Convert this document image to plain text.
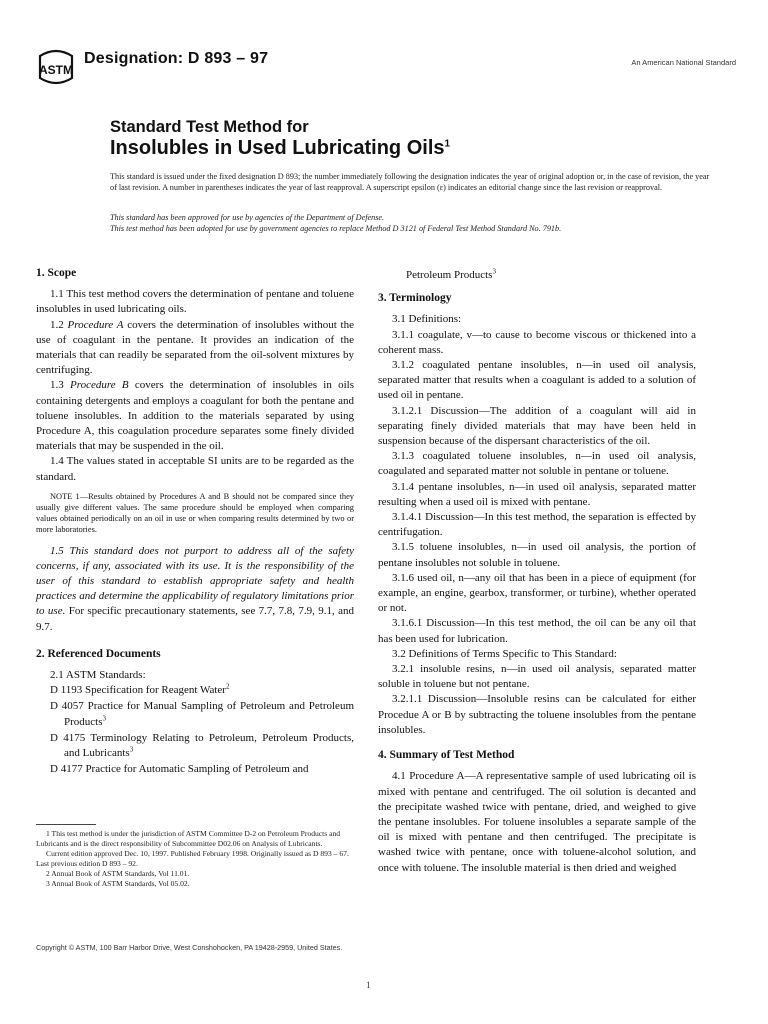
ASTM
Designation: D 893 – 97	An American National Standard
Standard Test Method for
Insolubles in Used Lubricating Oils$^1$

This standard is issued under the fixed designation D 893; the number immediately following the designation indicates the year of original adoption or, in the case of revision, the year of last revision. A number in parentheses indicates the year of last reapproval. A superscript epsilon (ε) indicates an editorial change since the last revision or reapproval.

This standard has been approved for use by agencies of the Department of Defense.

This test method has been adopted for use by government agencies to replace Method D 3121 of Federal Test Method Standard No. 791b.

1. Scope

1.1 This test method covers the determination of pentane and toluene insolubles in used lubricating oils.

1.2 Procedure A covers the determination of insolubles without the use of coagulant in the pentane. It provides an indication of the materials that can readily be separated from the oil-solvent mixtures by centrifuging.

1.3 Procedure B covers the determination of insolubles in oils containing detergents and employs a coagulant for both the pentane and toluene insolubles. In addition to the materials separated by using Procedure A, this coagulation procedure separates some finely divided materials that may be suspended in the oil.

1.4 The values stated in acceptable SI units are to be regarded as the standard.

NOTE 1—Results obtained by Procedures A and B should not be compared since they usually give different values. The same procedure should be employed when comparing values obtained periodically on an oil in use or when comparing results determined by two or more laboratories.

1.5 This standard does not purport to address all of the safety concerns, if any, associated with its use. It is the responsibility of the user of this standard to establish appropriate safety and health practices and determine the applicability of regulatory limitations prior to use. For specific precautionary statements, see 7.7, 7.8, 7.9, 9.1, and 9.7.

2. Referenced Documents

2.1 ASTM Standards:

D 1193 Specification for Reagent Water$^2$

D 4057 Practice for Manual Sampling of Petroleum and Petroleum Products$^3$

D 4175 Terminology Relating to Petroleum, Petroleum Products, and Lubricants$^3$

D 4177 Practice for Automatic Sampling of Petroleum and

Petroleum Products$^3$

3. Terminology

3.1 Definitions:

3.1.1 coagulate, v—to cause to become viscous or thickened into a coherent mass.

3.1.2 coagulated pentane insolubles, n—in used oil analysis, separated matter that results when a coagulant is added to a solution of used oil in pentane.

3.1.2.1 Discussion—The addition of a coagulant will aid in separating finely divided materials that may have been held in suspension because of the dispersant characteristics of the oil.

3.1.3 coagulated toluene insolubles, n—in used oil analysis, coagulated and separated matter not soluble in pentane or toluene.

3.1.4 pentane insolubles, n—in used oil analysis, separated matter resulting when a used oil is mixed with pentane.

3.1.4.1 Discussion—In this test method, the separation is effected by centrifugation.

3.1.5 toluene insolubles, n—in used oil analysis, the portion of pentane insolubles not soluble in toluene.

3.1.6 used oil, n—any oil that has been in a piece of equipment (for example, an engine, gearbox, transformer, or turbine), whether operated or not.

3.1.6.1 Discussion—In this test method, the oil can be any oil that has been used for lubrication.

3.2 Definitions of Terms Specific to This Standard:

3.2.1 insoluble resins, n—in used oil analysis, separated matter soluble in toluene but not pentane.

3.2.1.1 Discussion—Insoluble resins can be calculated for either Procedue A or B by subtracting the toluene insolubles from the pentane insolubles.

4. Summary of Test Method

4.1 Procedure A—A representative sample of used lubricating oil is mixed with pentane and centrifuged. The oil solution is decanted and the precipitate washed twice with pentane, dried, and weighed to give the pentane insolubles. For toluene insolubles a separate sample of the oil is mixed with pentane and then centrifuged. The precipitate is washed twice with pentane, once with toluene-alcohol solution, and once with toluene. The insoluble material is then dried and weighed

1 This test method is under the jurisdiction of ASTM Committee D-2 on Petroleum Products and Lubricants and is the direct responsibility of Subcommittee D02.06 on Analysis of Lubricants.

Current edition approved Dec. 10, 1997. Published February 1998. Originally issued as D 893 – 67. Last previous edition D 893 – 92.

2 Annual Book of ASTM Standards, Vol 11.01.

3 Annual Book of ASTM Standards, Vol 05.02.

Copyright © ASTM, 100 Barr Harbor Drive, West Conshohocken, PA 19428-2959, United States.
1
